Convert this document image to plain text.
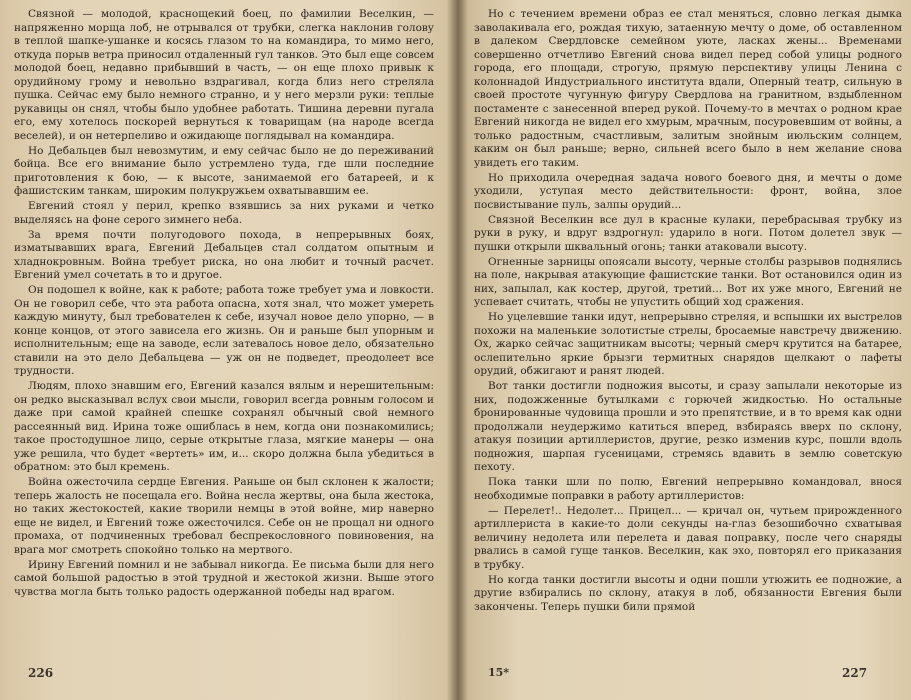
Связной — молодой, краснощекий боец, по фамилии Веселкин, — напряженно морща лоб, не отрывался от трубки, слегка наклонив голову в теплой шапке-ушанке и косясь глазом то на командира, то мимо него, откуда порыв ветра приносил отдаленный гул танков. Это был еще совсем молодой боец, недавно прибывший в часть, — он еще плохо привык к орудийному грому и невольно вздрагивал, когда близ него стреляла пушка. Сейчас ему было немного странно, и у него мерзли руки: теплые рукавицы он снял, чтобы было удобнее работать. Тишина деревни пугала его, ему хотелось поскорей вернуться к товарищам (на народе всегда веселей), и он нетерпеливо и ожидающе поглядывал на командира.

Но Дебальцев был невозмутим, и ему сейчас было не до переживаний бойца. Все его внимание было устремлено туда, где шли последние приготовления к бою, — к высоте, занимаемой его батареей, и к фашистским танкам, широким полукружьем охватывавшим ее.

Евгений стоял у перил, крепко взявшись за них руками и четко выделяясь на фоне серого зимнего неба.

За время почти полугодового похода, в непрерывных боях, изматывавших врага, Евгений Дебальцев стал солдатом опытным и хладнокровным. Война требует риска, но она любит и точный расчет. Евгений умел сочетать в то и другое.

Он подошел к войне, как к работе; работа тоже требует ума и ловкости. Он не говорил себе, что эта работа опасна, хотя знал, что может умереть каждую минуту, был требователен к себе, изучал новое дело упорно, — в конце концов, от этого зависела его жизнь. Он и раньше был упорным и исполнительным; еще на заводе, если затевалось новое дело, обязательно ставили на это дело Дебальцева — уж он не подведет, преодолеет все трудности.

Людям, плохо знавшим его, Евгений казался вялым и нерешительным: он редко высказывал вслух свои мысли, говорил всегда ровным голосом и даже при самой крайней спешке сохранял обычный свой немного рассеянный вид. Ирина тоже ошиблась в нем, когда они познакомились; такое простодушное лицо, серые открытые глаза, мягкие манеры — она уже решила, что будет «вертеть» им, и... скоро должна была убедиться в обратном: это был кремень.

Война ожесточила сердце Евгения. Раньше он был склонен к жалости; теперь жалость не посещала его. Война несла жертвы, она была жестока, но таких жестокостей, какие творили немцы в этой войне, мир наверно еще не видел, и Евгений тоже ожесточился. Себе он не прощал ни одного промаха, от подчиненных требовал беспрекословного повиновения, на врага мог смотреть спокойно только на мертвого.

Ирину Евгений помнил и не забывал никогда. Ее письма были для него самой большой радостью в этой трудной и жестокой жизни. Выше этого чувства могла быть только радость одержанной победы над врагом.

226

Но с течением времени образ ее стал меняться, словно легкая дымка заволакивала его, рождая тихую, затаенную мечту о доме, об оставленном в далеком Свердловске семейном уюте, ласках жены... Временами совершенно отчетливо Евгений снова видел перед собой улицы родного города, его площади, строгую, прямую перспективу улицы Ленина с колоннадой Индустриального института вдали, Оперный театр, сильную в своей простоте чугунную фигуру Свердлова на гранитном, вздыбленном постаменте с занесенной вперед рукой. Почему-то в мечтах о родном крае Евгений никогда не видел его хмурым, мрачным, посуровевшим от войны, а только радостным, счастливым, залитым знойным июльским солнцем, каким он был раньше; верно, сильней всего было в нем желание снова увидеть его таким.

Но приходила очередная задача нового боевого дня, и мечты о доме уходили, уступая место действительности: фронт, война, злое посвистывание пуль, залпы орудий...

Связной Веселкин все дул в красные кулаки, перебрасывая трубку из руки в руку, и вдруг вздрогнул: ударило в ноги. Потом долетел звук — пушки открыли шквальный огонь; танки атаковали высоту.

Огненные зарницы опоясали высоту, черные столбы разрывов поднялись на поле, накрывая атакующие фашистские танки. Вот остановился один из них, запылал, как костер, другой, третий... Вот их уже много, Евгений не успевает считать, чтобы не упустить общий ход сражения.

Но уцелевшие танки идут, непрерывно стреляя, и вспышки их выстрелов похожи на маленькие золотистые стрелы, бросаемые навстречу движению. Ох, жарко сейчас защитникам высоты; черный смерч крутится на батарее, ослепительно яркие брызги термитных снарядов щелкают о лафеты орудий, обжигают и ранят людей.

Вот танки достигли подножия высоты, и сразу запылали некоторые из них, подожженные бутылками с горючей жидкостью. Но остальные бронированные чудовища прошли и это препятствие, и в то время как одни продолжали неудержимо катиться вперед, взбираясь вверх по склону, атакуя позиции артиллеристов, другие, резко изменив курс, пошли вдоль подножия, шарпая гусеницами, стремясь вдавить в землю советскую пехоту.

Пока танки шли по полю, Евгений непрерывно командовал, внося необходимые поправки в работу артиллеристов:

— Перелет!.. Недолет... Прицел... — кричал он, чутьем прирожденного артиллериста в какие-то доли секунды на-глаз безошибочно схватывая величину недолета или перелета и давая поправку, после чего снаряды рвались в самой гуще танков. Веселкин, как эхо, повторял его приказания в трубку.

Но когда танки достигли высоты и одни пошли утюжить ее подножие, а другие взбирались по склону, атакуя в лоб, обязанности Евгения были закончены. Теперь пушки били прямой

15*	227
